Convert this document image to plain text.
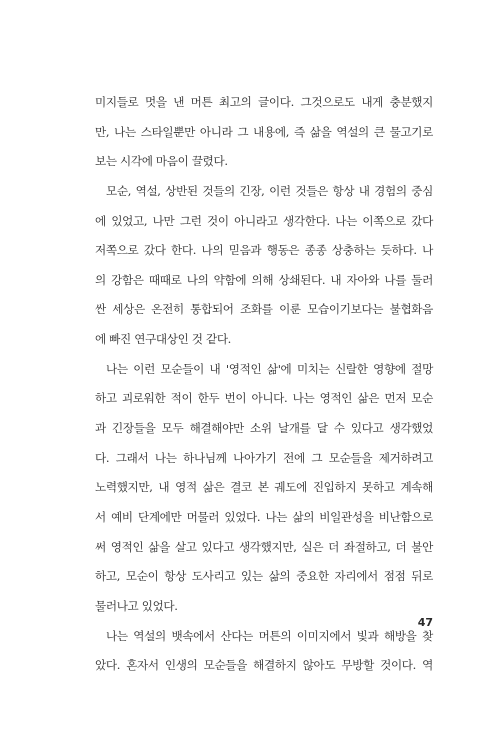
미지들로 멋을 낸 머튼 최고의 글이다. 그것으로도 내게 충분했지
만, 나는 스타일뿐만 아니라 그 내용에, 즉 삶을 역설의 큰 물고기로
보는 시각에 마음이 끌렸다.
모순, 역설, 상반된 것들의 긴장, 이런 것들은 항상 내 경험의 중심
에 있었고, 나만 그런 것이 아니라고 생각한다. 나는 이쪽으로 갔다
저쪽으로 갔다 한다. 나의 믿음과 행동은 종종 상충하는 듯하다. 나
의 강함은 때때로 나의 약함에 의해 상쇄된다. 내 자아와 나를 둘러
싼 세상은 온전히 통합되어 조화를 이룬 모습이기보다는 불협화음
에 빠진 연구대상인 것 같다.
나는 이런 모순들이 내 '영적인 삶'에 미치는 신랄한 영향에 절망
하고 괴로워한 적이 한두 번이 아니다. 나는 영적인 삶은 먼저 모순
과 긴장들을 모두 해결해야만 소위 날개를 달 수 있다고 생각했었
다. 그래서 나는 하나님께 나아가기 전에 그 모순들을 제거하려고
노력했지만, 내 영적 삶은 결코 본 궤도에 진입하지 못하고 계속해
서 예비 단계에만 머물러 있었다. 나는 삶의 비일관성을 비난함으로
써 영적인 삶을 살고 있다고 생각했지만, 실은 더 좌절하고, 더 불안
하고, 모순이 항상 도사리고 있는 삶의 중요한 자리에서 점점 뒤로
물러나고 있었다.
나는 역설의 뱃속에서 산다는 머튼의 이미지에서 빛과 해방을 찾
았다. 혼자서 인생의 모순들을 해결하지 않아도 무방할 것이다. 역
47
